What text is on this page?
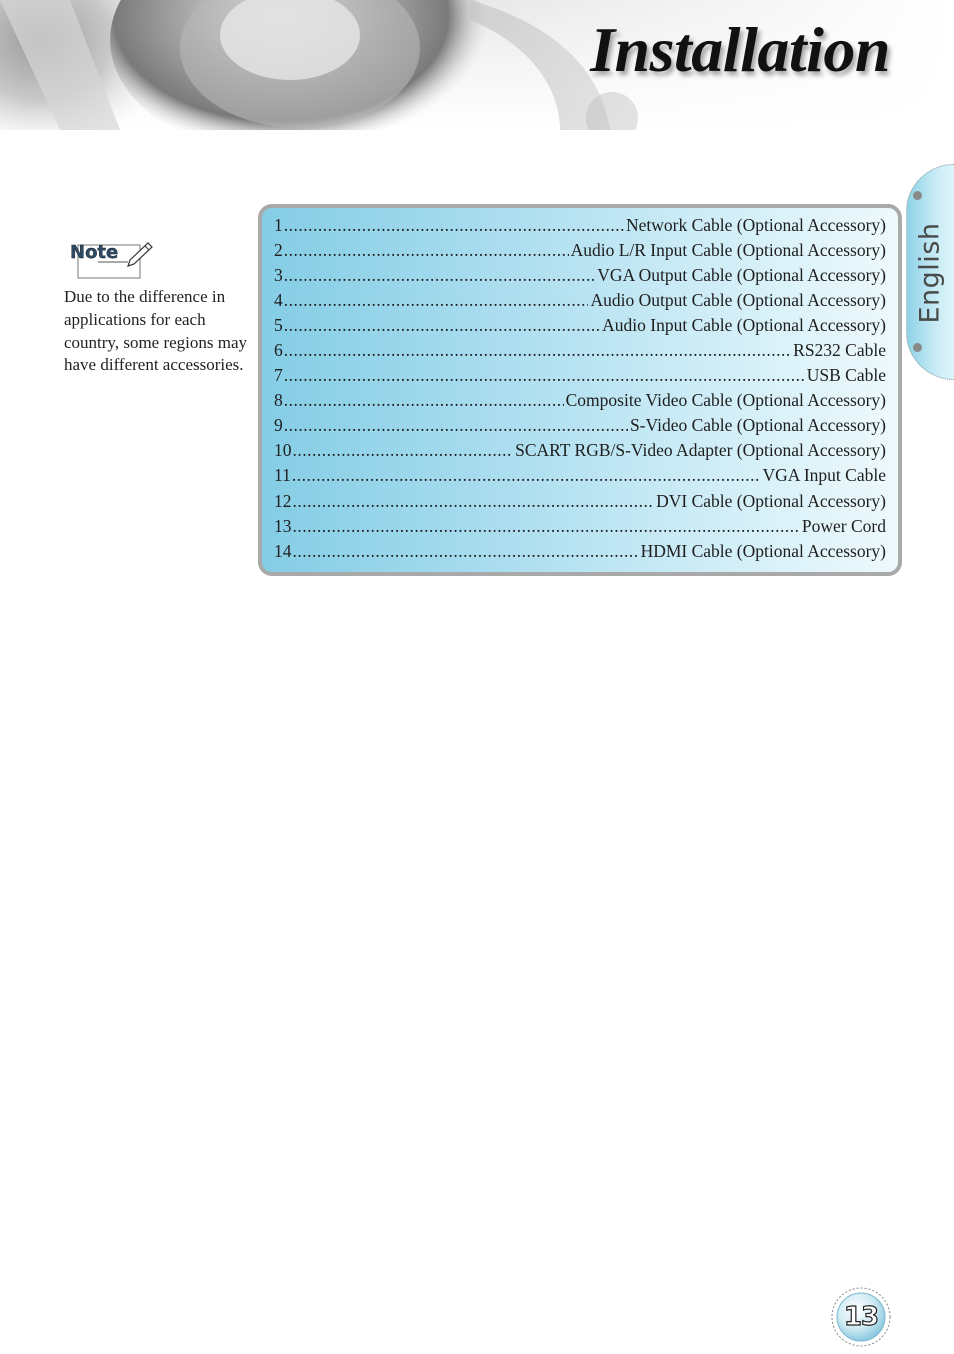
Installation
English
Note

Due to the difference in applications for each country, some regions may have different accessories.

1 .....	Network Cable (Optional Accessory)
2 .....	Audio L/R Input Cable (Optional Accessory)
3 .....	VGA Output Cable (Optional Accessory)
4 .....	Audio Output Cable (Optional Accessory)
5 .....	Audio Input Cable (Optional Accessory)
6 .....	RS232 Cable
7 .....	USB Cable
8 .....	Composite Video Cable (Optional Accessory)
9 .....	S-Video Cable (Optional Accessory)
10 .....	SCART RGB/S-Video Adapter (Optional Accessory)
11 .....	VGA Input Cable
12 .....	DVI Cable (Optional Accessory)
13 .....	Power Cord
14 .....	HDMI Cable (Optional Accessory)
13
